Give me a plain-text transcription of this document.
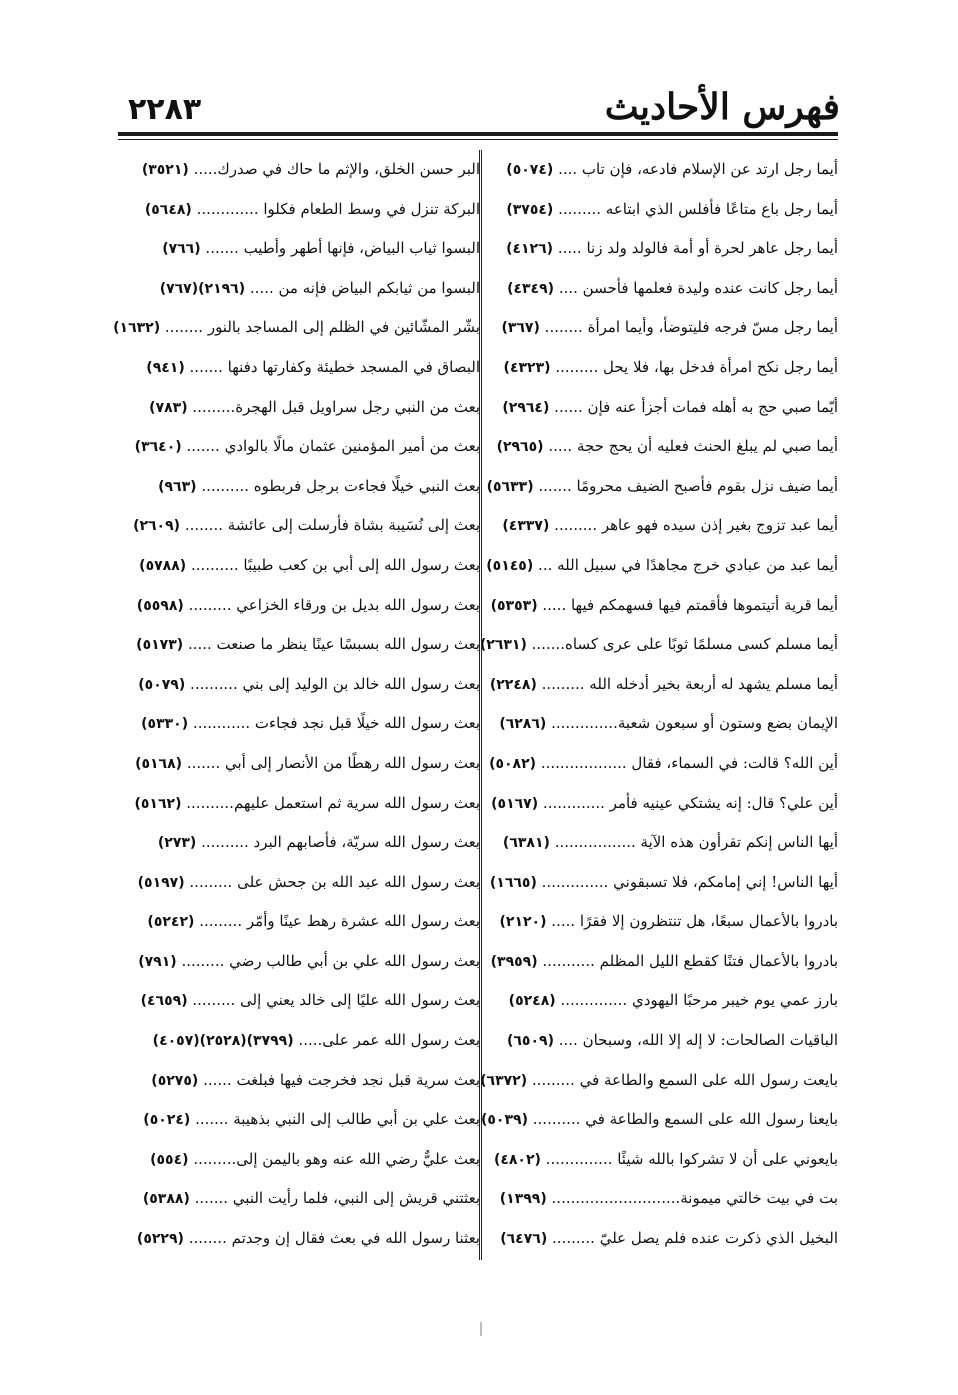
فهرس الأحاديث
٢٢٨٣
أيما رجل ارتد عن الإسلام فادعه، فإن تاب .... (٥٠٧٤)
أيما رجل باع متاعًا فأفلس الذي ابتاعه ......... (٣٧٥٤)
أيما رجل عاهر لحرة أو أمة فالولد ولد زنا ..... (٤١٢٦)
أيما رجل كانت عنده وليدة فعلمها فأحسن .... (٤٣٤٩)
أيما رجل مسّ فرجه فليتوضأ، وأيما امرأة ........ (٣٦٧)
أيما رجل نكح امرأة فدخل بها، فلا يحل ......... (٤٣٢٣)
أيّما صبي حج به أهله فمات أجزأ عنه فإن ...... (٢٩٦٤)
أيما صبي لم يبلغ الحنث فعليه أن يحج حجة ..... (٢٩٦٥)
أيما ضيف نزل بقوم فأصبح الضيف محرومًا ....... (٥٦٣٣)
أيما عبد تزوج بغير إذن سيده فهو عاهر ......... (٤٣٣٧)
أيما عبد من عبادي خرج مجاهدًا في سبيل الله ... (٥١٤٥)
أيما قرية أتيتموها فأقمتم فيها فسهمكم فيها ..... (٥٣٥٣)
أيما مسلم كسى مسلمًا ثوبًا على عرى كساه....... (٢٦٣١)
أيما مسلم يشهد له أربعة بخير أدخله الله ......... (٢٢٤٨)
الإيمان بضع وستون أو سبعون شعبة.............. (٦٢٨٦)
أين الله؟ قالت: في السماء، فقال .................. (٥٠٨٢)
أين علي؟ قال: إنه يشتكي عينيه فأمر ............. (٥١٦٧)
أيها الناس إنكم تقرأون هذه الآية ................. (٦٣٨١)
أيها الناس! إني إمامكم، فلا تسبقوني .............. (١٦٦٥)
بادروا بالأعمال سبعًا، هل تنتظرون إلا فقرًا ..... (٢١٢٠)
بادروا بالأعمال فتنًا كقطع الليل المظلم ........... (٣٩٥٩)
بارز عمي يوم خيبر مرحبًا اليهودي .............. (٥٢٤٨)
الباقيات الصالحات: لا إله إلا الله، وسبحان .... (٦٥٠٩)
بايعت رسول الله على السمع والطاعة في ......... (٦٣٧٢)
بايعنا رسول الله على السمع والطاعة في .......... (٥٠٣٩)
بايعوني على أن لا تشركوا بالله شيئًا .............. (٤٨٠٢)
بت في بيت خالتي ميمونة........................... (١٣٩٩)
البخيل الذي ذكرت عنده فلم يصل عليّ ......... (٦٤٧٦)
البر حسن الخلق، والإثم ما حاك في صدرك..... (٣٥٢١)
البركة تنزل في وسط الطعام فكلوا ............. (٥٦٤٨)
البسوا ثياب البياض، فإنها أطهر وأطيب ....... (٧٦٦)
البسوا من ثيابكم البياض فإنه من ..... (٢١٩٦)(٧٦٧)
بشّر المشّائين في الظلم إلى المساجد بالنور ........ (١٦٣٢)
البصاق في المسجد خطيئة وكفارتها دفنها ....... (٩٤١)
بعث من النبي رجل سراويل قبل الهجرة......... (٧٨٣)
بعث من أمير المؤمنين عثمان مالًا بالوادي ....... (٣٦٤٠)
بعث النبي خيلًا فجاءت برجل فربطوه .......... (٩٦٣)
بعث إلى نُسَيبة بشاة فأرسلت إلى عائشة ........ (٢٦٠٩)
بعث رسول الله إلى أبي بن كعب طبيبًا .......... (٥٧٨٨)
بعث رسول الله بديل بن ورقاء الخزاعي ......... (٥٥٩٨)
بعث رسول الله بسبسًا عينًا ينظر ما صنعت ..... (٥١٧٣)
بعث رسول الله خالد بن الوليد إلى بني .......... (٥٠٧٩)
بعث رسول الله خيلًا قبل نجد فجاءت ............ (٥٣٣٠)
بعث رسول الله رهطًا من الأنصار إلى أبي ....... (٥١٦٨)
بعث رسول الله سرية ثم استعمل عليهم.......... (٥١٦٢)
بعث رسول الله سريّة، فأصابهم البرد .......... (٢٧٣)
بعث رسول الله عبد الله بن جحش على ......... (٥١٩٧)
بعث رسول الله عشرة رهط عينًا وأمّر ......... (٥٢٤٢)
بعث رسول الله علي بن أبي طالب رضي ......... (٧٩١)
بعث رسول الله عليًا إلى خالد يعني إلى ......... (٤٦٥٩)
بعث رسول الله عمر على..... (٣٧٩٩)(٢٥٢٨)(٤٠٥٧)
بعث سرية قبل نجد فخرجت فيها فبلغت ...... (٥٢٧٥)
بعث علي بن أبي طالب إلى النبي بذهيبة ....... (٥٠٢٤)
بعث عليٌّ رضي الله عنه وهو باليمن إلى......... (٥٥٤)
بعثتني قريش إلى النبي، فلما رأيت النبي ....... (٥٣٨٨)
بعثنا رسول الله في بعث فقال إن وجدتم ........ (٥٢٢٩)
